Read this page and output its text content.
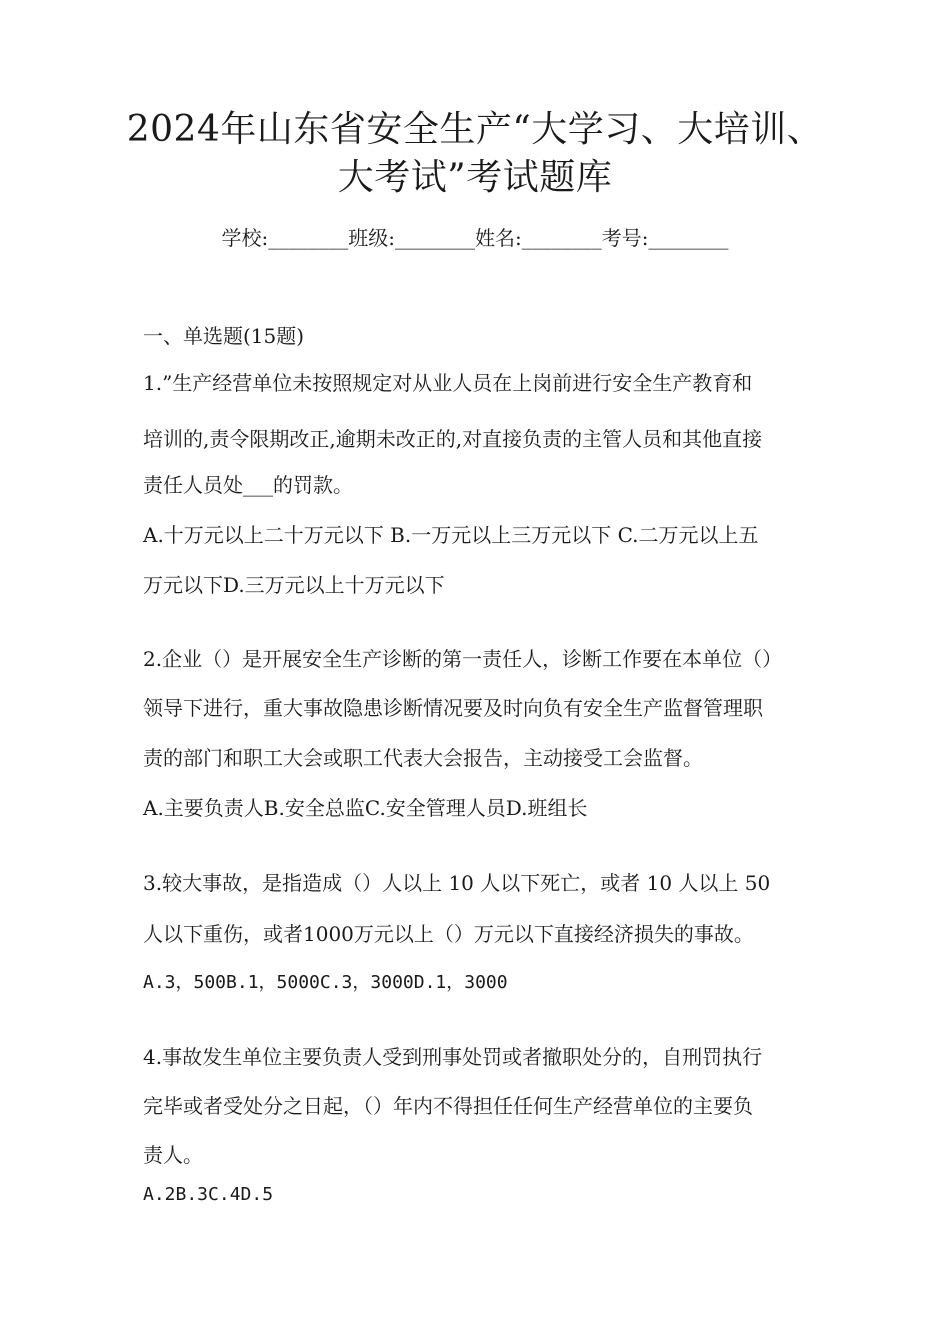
2024年山东省安全生产“大学习、大培训、
大考试”考试题库
学校:________班级:________姓名:________考号:________
一、单选题(15题)
1.”生产经营单位未按照规定对从业人员在上岗前进行安全生产教育和
培训的,责令限期改正,逾期未改正的,对直接负责的主管人员和其他直接
责任人员处___的罚款。
A.十万元以上二十万元以下 B.一万元以上三万元以下 C.二万元以上五
万元以下D.三万元以上十万元以下
2.企业（）是开展安全生产诊断的第一责任人，诊断工作要在本单位（）
领导下进行，重大事故隐患诊断情况要及时向负有安全生产监督管理职
责的部门和职工大会或职工代表大会报告，主动接受工会监督。
A.主要负责人B.安全总监C.安全管理人员D.班组长
3.较大事故，是指造成（）人以上 10 人以下死亡，或者 10 人以上 50
人以下重伤，或者1000万元以上（）万元以下直接经济损失的事故。
A.3，500B.1，5000C.3，3000D.1，3000
4.事故发生单位主要负责人受到刑事处罚或者撤职处分的，自刑罚执行
完毕或者受处分之日起，（）年内不得担任任何生产经营单位的主要负
责人。
A.2B.3C.4D.5
